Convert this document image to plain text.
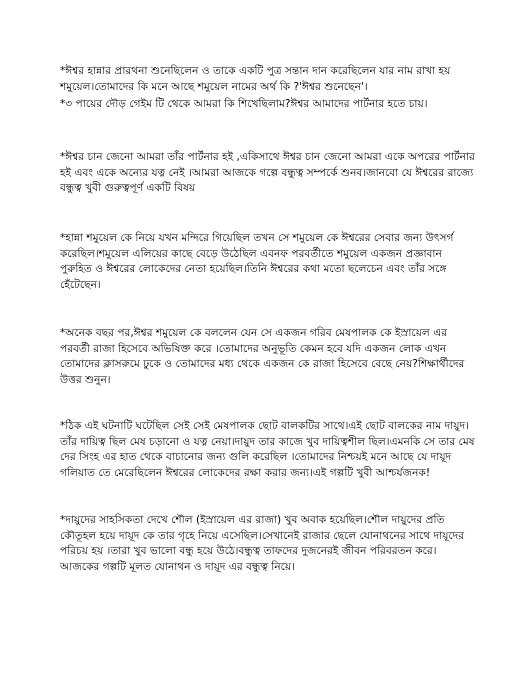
*ঈশ্বর হান্নার প্রারথনা শুনেছিলেন ও তাকে একটি পুত্র সন্তান দান করেছিলেন যার নাম রাখা হয় শমুয়েল।তোমাদের কি মনে আছে শমুয়েল নামের অর্থ কি ?'ঈশ্বর শুনেছেন'।

*৩ পায়ের দৌড় গেইম টি থেকে আমরা কি শিখেছিলাম?ঈশ্বর আমাদের পার্টনার হতে চায়।

*ঈশ্বর চান জেনো আমরা তাঁর পার্টনার হই ,একিসাথে ঈশ্বর চান জেনো আমরা একে অপরের পার্টনার হই এবং একে অন্যের যত্ন নেই ।আমরা আজকে গল্পে বন্ধুত্ব সম্পর্কে শুনব।জানবো যে ঈশ্বরের রাজ্যে বন্ধুত্ব খুবী গুরুত্বপূর্ণ একটি বিষয়

*হান্না শমুয়েল কে নিয়ে যখন মন্দিরে গিয়েছিল তখন সে শমুয়েল কে ঈশ্বরের সেবার জন্য উৎসর্গ করেছিল।শমুয়েল এলিয়ের কাছে বেড়ে উঠেছিল এবনফ পরবর্তীতে শমুয়েল একজন প্রজ্ঞাবান পুরুহিত ও ঈশ্বরের লোকেদের নেতা হয়েছিল।তিনি ঈশ্বরের কথা মতো ছলেচেন এবং তাঁর সঙ্গে হেঁটেছেন।

*অনেক বছর পর,ঈশ্বর শমুয়েল কে বললেন যেন সে একজন গরিব মেষপালক কে ইস্রায়েল এর পরবর্তী রাজা হিসেবে অভিষিক্ত করে ।তোমাদের অনুভূতি কেমন হবে যদি একজন লোক এখন তোমাদের ক্লাসরুমে ঢুকে ও তোমাদের মধ্য থেকে একজন কে রাজা হিসেবে বেছে নেয়?শিক্ষার্থীদের উত্তর শুনুন।

*ঠিক এই ঘটনাটি ঘটেছিল সেই সেই মেষপালক ছোট বালকটির সাথে।এই ছোট বালকের নাম দায়ুদ। তাঁর দায়িত্ব ছিল মেষ চড়ানো ও যত্ন নেয়া।দায়ুদ তার কাজে খুব দায়িত্বশীল ছিল।এমনকি সে তার মেষ দের সিংহ এর হাত থেকে বাচানোর জন্য গুলি করেছিল ।তোমাদের নিশ্চয়ই মনে আছে যে দায়ূদ গলিয়াত তে মেরেছিলেন ঈশ্বরের লোকেদের রক্ষা করার জন্য।এই গল্পটি খুবী আশ্চর্যজনক!

*দায়ুদের সাহসিকতা দেখে শৌল (ইস্রায়েল এর রাজা) খুব অবাক হয়েছিল।শৌল দায়ুদের প্রতি কৌতূহল হয়ে দায়ূদ কে তার গৃহে নিয়ে এসেছিল।সেখানেই রাজার ছেলে যোনাথনের সাথে দায়ূদের পরিচয় হয় ।তারা খুব ভালো বন্ধু হয়ে উঠে।বন্ধুত্ব তাফদের দুজনেরই জীবন পরিবরতন করে।আজকের গল্পটি মূলত যোনাথন ও দায়ূদ এর বন্ধুত্ব নিয়ে।
